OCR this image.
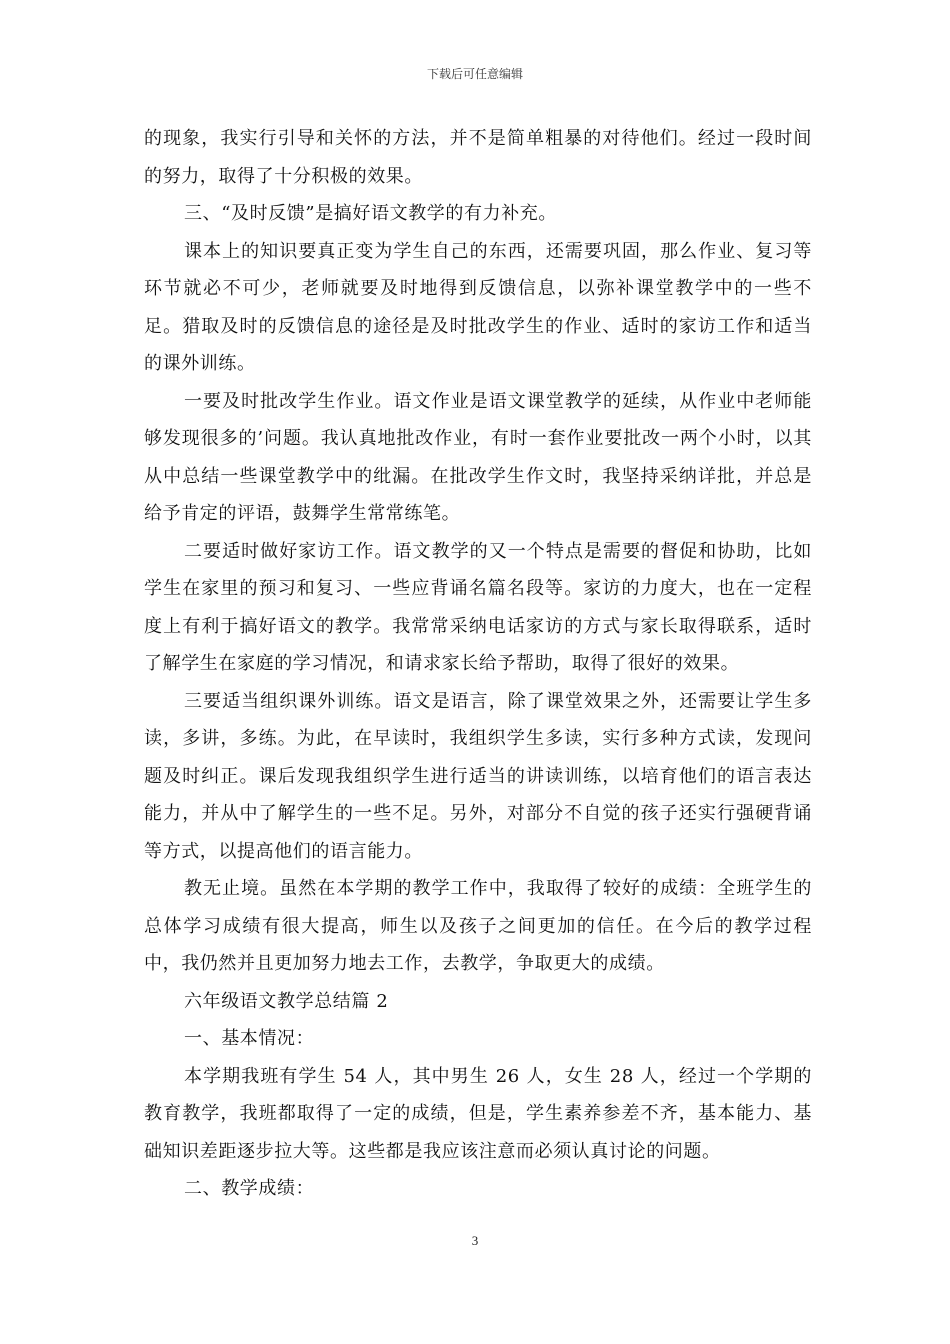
下载后可任意编辑

的现象，我实行引导和关怀的方法，并不是简单粗暴的对待他们。经过一段时间的努力，取得了十分积极的效果。

三、“及时反馈”是搞好语文教学的有力补充。

课本上的知识要真正变为学生自己的东西，还需要巩固，那么作业、复习等环节就必不可少，老师就要及时地得到反馈信息，以弥补课堂教学中的一些不足。猎取及时的反馈信息的途径是及时批改学生的作业、适时的家访工作和适当的课外训练。

一要及时批改学生作业。语文作业是语文课堂教学的延续，从作业中老师能够发现很多的’问题。我认真地批改作业，有时一套作业要批改一两个小时，以其从中总结一些课堂教学中的纰漏。在批改学生作文时，我坚持采纳详批，并总是给予肯定的评语，鼓舞学生常常练笔。

二要适时做好家访工作。语文教学的又一个特点是需要的督促和协助，比如学生在家里的预习和复习、一些应背诵名篇名段等。家访的力度大，也在一定程度上有利于搞好语文的教学。我常常采纳电话家访的方式与家长取得联系，适时了解学生在家庭的学习情况，和请求家长给予帮助，取得了很好的效果。

三要适当组织课外训练。语文是语言，除了课堂效果之外，还需要让学生多读，多讲，多练。为此，在早读时，我组织学生多读，实行多种方式读，发现问题及时纠正。课后发现我组织学生进行适当的讲读训练，以培育他们的语言表达能力，并从中了解学生的一些不足。另外，对部分不自觉的孩子还实行强硬背诵等方式，以提高他们的语言能力。

教无止境。虽然在本学期的教学工作中，我取得了较好的成绩：全班学生的总体学习成绩有很大提高，师生以及孩子之间更加的信任。在今后的教学过程中，我仍然并且更加努力地去工作，去教学，争取更大的成绩。

六年级语文教学总结篇 2

一、基本情况：

本学期我班有学生 54 人，其中男生 26 人，女生 28 人，经过一个学期的教育教学，我班都取得了一定的成绩，但是，学生素养参差不齐，基本能力、基础知识差距逐步拉大等。这些都是我应该注意而必须认真讨论的问题。

二、教学成绩：

3
